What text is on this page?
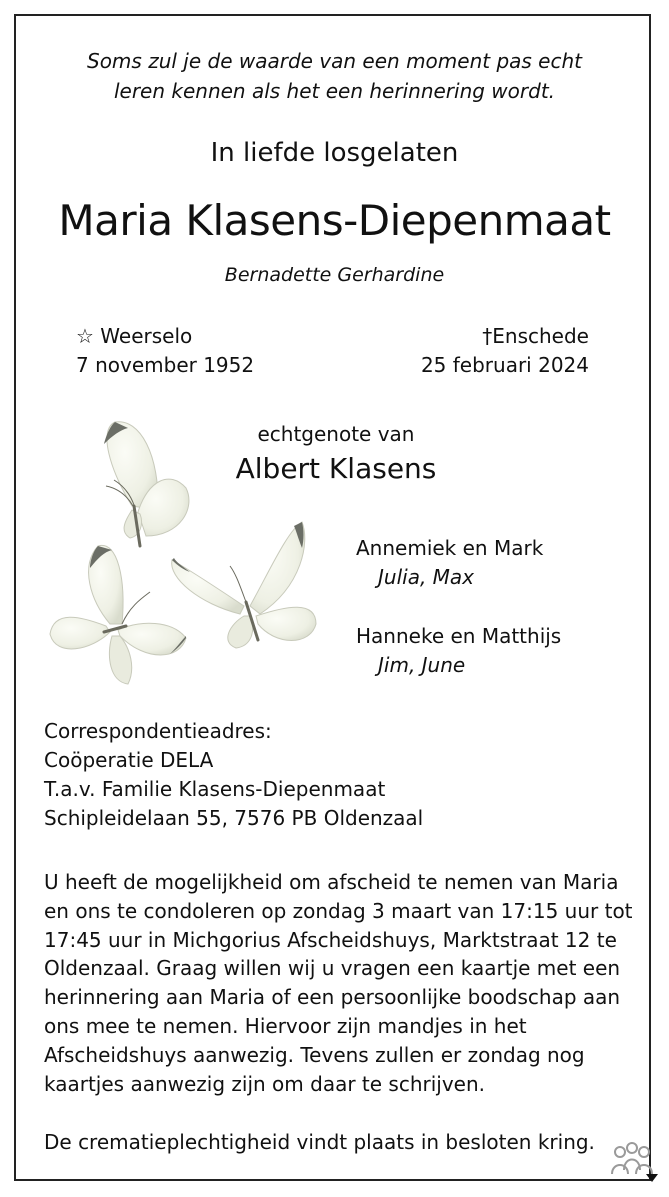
Soms zul je de waarde van een moment pas echt
leren kennen als het een herinnering wordt.
In liefde losgelaten
Maria Klasens-Diepenmaat
Bernadette Gerhardine
☆ Weerselo
7 november 1952
†Enschede
25 februari 2024
echtgenote van
Albert Klasens
Annemiek en Mark
Julia, Max
Hanneke en Matthijs
Jim, June
Correspondentieadres:
Coöperatie DELA
T.a.v. Familie Klasens-Diepenmaat
Schipleidelaan 55, 7576 PB Oldenzaal
U heeft de mogelijkheid om afscheid te nemen van Maria
en ons te condoleren op zondag 3 maart van 17:15 uur tot
17:45 uur in Michgorius Afscheidshuys, Marktstraat 12 te
Oldenzaal. Graag willen wij u vragen een kaartje met een
herinnering aan Maria of een persoonlijke boodschap aan
ons mee te nemen. Hiervoor zijn mandjes in het
Afscheidshuys aanwezig. Tevens zullen er zondag nog
kaartjes aanwezig zijn om daar te schrijven.
De crematieplechtigheid vindt plaats in besloten kring.
